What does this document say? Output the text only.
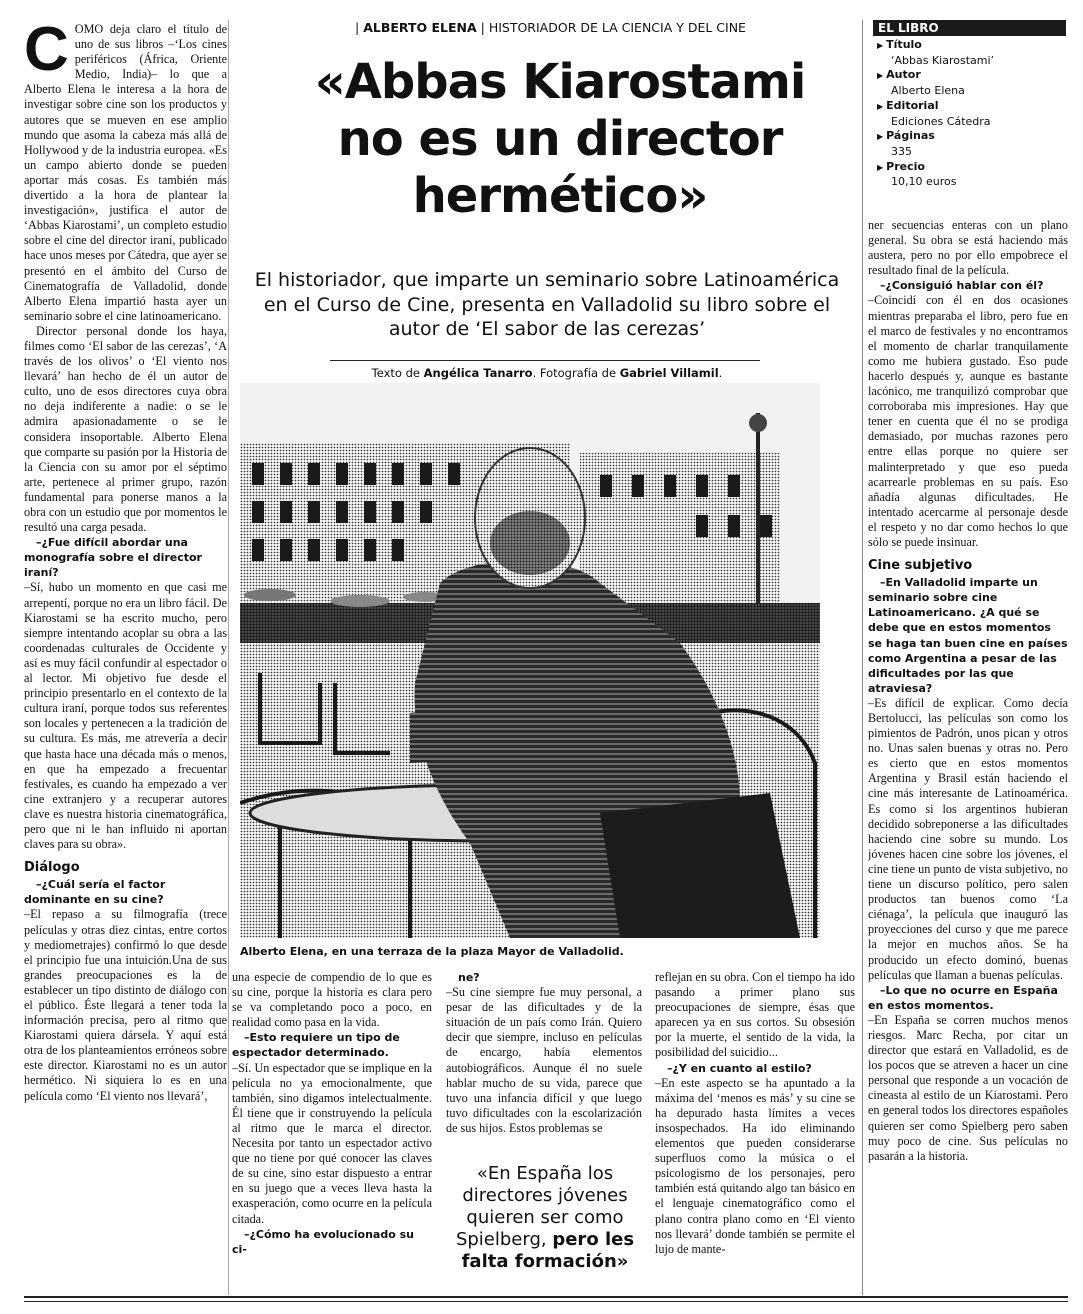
| ALBERTO ELENA | HISTORIADOR DE LA CIENCIA Y DEL CINE
«Abbas Kiarostami
no es un director
hermético»
El historiador, que imparte un seminario sobre Latinoamérica en el Curso de Cine, presenta en Valladolid su libro sobre el autor de ‘El sabor de las cerezas’
Texto de Angélica Tanarro. Fotografía de Gabriel Villamil.
EL LIBRO
▶ Título
‘Abbas Kiarostami’
▶ Autor
Alberto Elena
▶ Editorial
Ediciones Cátedra
▶ Páginas
335
▶ Precio
10,10 euros

COMO deja claro el título de uno de sus libros –‘Los cines periféricos (África, Oriente Medio, India)– lo que a Alberto Elena le interesa a la hora de investigar sobre cine son los productos y autores que se mueven en ese amplio mundo que asoma la cabeza más allá de Hollywood y de la industria europea. «Es un campo abierto donde se pueden aportar más cosas. Es también más divertido a la hora de plantear la investigación», justifica el autor de ‘Abbas Kiarostami’, un completo estudio sobre el cine del director iraní, publicado hace unos meses por Cátedra, que ayer se presentó en el ámbito del Curso de Cinematografía de Valladolid, donde Alberto Elena impartió hasta ayer un seminario sobre el cine latinoamericano.

Director personal donde los haya, filmes como ‘El sabor de las cerezas’, ‘A través de los olivos’ o ‘El viento nos llevará’ han hecho de él un autor de culto, uno de esos directores cuya obra no deja indiferente a nadie: o se le admira apasionadamente o se le considera insoportable. Alberto Elena que comparte su pasión por la Historia de la Ciencia con su amor por el séptimo arte, pertenece al primer grupo, razón fundamental para ponerse manos a la obra con un estudio que por momentos le resultó una carga pesada.

–¿Fue difícil abordar una monografía sobre el director iraní?

–Sí, hubo un momento en que casi me arrepentí, porque no era un libro fácil. De Kiarostami se ha escrito mucho, pero siempre intentando acoplar su obra a las coordenadas culturales de Occidente y así es muy fácil confundir al espectador o al lector. Mi objetivo fue desde el principio presentarlo en el contexto de la cultura iraní, porque todos sus referentes son locales y pertenecen a la tradición de su cultura. Es más, me atrevería a decir que hasta hace una década más o menos, en que ha empezado a frecuentar festivales, es cuando ha empezado a ver cine extranjero y a recuperar autores clave es nuestra historia cinematográfica, pero que ni le han influido ni aportan claves para su obra».

Diálogo

–¿Cuál sería el factor dominante en su cine?

–El repaso a su filmografía (trece películas y otras diez cintas, entre cortos y mediometrajes) confirmó lo que desde el principio fue una intuición.Una de sus grandes preocupaciones es la de establecer un tipo distinto de diálogo con el público. Éste llegará a tener toda la información precisa, pero al ritmo que Kiarostami quiera dársela. Y aquí está otra de los planteamientos erróneos sobre este director. Kiarostami no es un autor hermético. Ni siquiera lo es en una película como ‘El viento nos llevará’,

Alberto Elena, en una terraza de la plaza Mayor de Valladolid.

una especie de compendio de lo que es su cine, porque la historia es clara pero se va completando poco a poco, en realidad como pasa en la vida.

–Esto requiere un tipo de espectador determinado.

–Sí. Un espectador que se implique en la película no ya emocionalmente, que también, sino digamos intelectualmente. Él tiene que ir construyendo la película al ritmo que le marca el director. Necesita por tanto un espectador activo que no tiene por qué conocer las claves de su cine, sino estar dispuesto a entrar en su juego que a veces lleva hasta la exasperación, como ocurre en la película citada.

–¿Cómo ha evolucionado su ci-

ne?

–Su cine siempre fue muy personal, a pesar de las dificultades y de la situación de un país como Irán. Quiero decir que siempre, incluso en películas de encargo, había elementos autobiográficos. Aunque él no suele hablar mucho de su vida, parece que tuvo una infancia difícil y que luego tuvo dificultades con la escolarización de sus hijos. Estos problemas se

«En España los directores jóvenes quieren ser como Spielberg, pero les falta formación»

reflejan en su obra. Con el tiempo ha ido pasando a primer plano sus preocupaciones de siempre, ésas que aparecen ya en sus cortos. Su obsesión por la muerte, el sentido de la vida, la posibilidad del suicidio...

–¿Y en cuanto al estilo?

–En este aspecto se ha apuntado a la máxima del ‘menos es más’ y su cine se ha depurado hasta límites a veces insospechados. Ha ido eliminando elementos que pueden considerarse superfluos como la música o el psicologismo de los personajes, pero también está quitando algo tan básico en el lenguaje cinematográfico como el plano contra plano como en ‘El viento nos llevará’ donde también se permite el lujo de mante-

ner secuencias enteras con un plano general. Su obra se está haciendo más austera, pero no por ello empobrece el resultado final de la película.

–¿Consiguió hablar con él?

–Coincidí con él en dos ocasiones mientras preparaba el libro, pero fue en el marco de festivales y no encontramos el momento de charlar tranquilamente como me hubiera gustado. Eso pude hacerlo después y, aunque es bastante lacónico, me tranquilizó comprobar que corroboraba mis impresiones. Hay que tener en cuenta que él no se prodiga demasiado, por muchas razones pero entre ellas porque no quiere ser malinterpretado y que eso pueda acarrearle problemas en su país. Eso añadía algunas dificultades. He intentado acercarme al personaje desde el respeto y no dar como hechos lo que sólo se puede insinuar.

Cine subjetivo

–En Valladolid imparte un seminario sobre cine Latinoamericano. ¿A qué se debe que en estos momentos se haga tan buen cine en países como Argentina a pesar de las dificultades por las que atraviesa?

–Es difícil de explicar. Como decía Bertolucci, las películas son como los pimientos de Padrón, unos pican y otros no. Unas salen buenas y otras no. Pero es cierto que en estos momentos Argentina y Brasil están haciendo el cine más interesante de Latinoamérica. Es como si los argentinos hubieran decidido sobreponerse a las dificultades haciendo cine sobre su mundo. Los jóvenes hacen cine sobre los jóvenes, el cine tiene un punto de vista subjetivo, no tiene un discurso político, pero salen productos tan buenos como ‘La ciénaga’, la película que inauguró las proyecciones del curso y que me parece la mejor en muchos años. Se ha producido un efecto dominó, buenas películas que llaman a buenas películas.

–Lo que no ocurre en España en estos momentos.

–En España se corren muchos menos riesgos. Marc Recha, por citar un director que estará en Valladolid, es de los pocos que se atreven a hacer un cine personal que responde a un vocación de cineasta al estilo de un Kiarostami. Pero en general todos los directores españoles quieren ser como Spielberg pero saben muy poco de cine. Sus películas no pasarán a la historia.
